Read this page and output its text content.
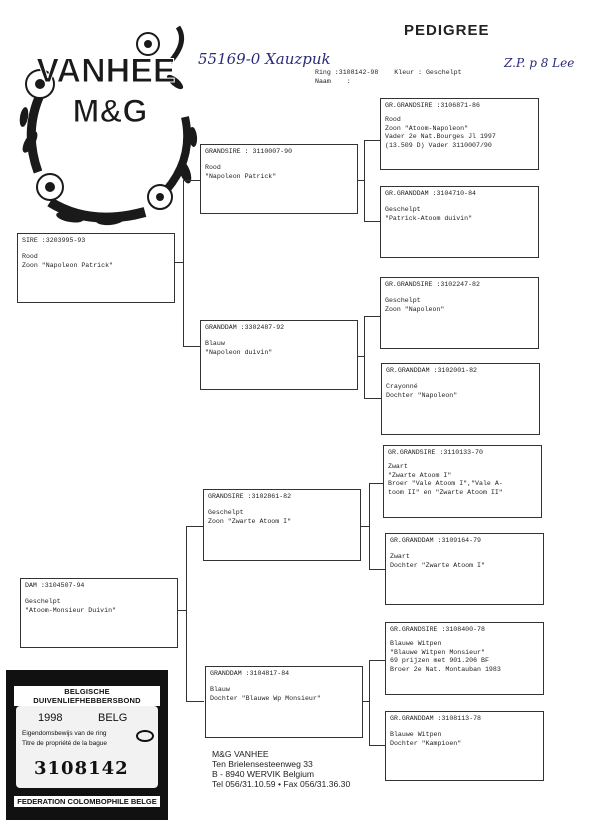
VANHEE
M&G
PEDIGREE
55169-0 Xauzpuk	Z.P. p 8 Lee
Ring :3108142-98 Kleur : Geschelpt
Naam :
SIRE :3203995-93
Rood
Zoon "Napoleon Patrick"
DAM :3104507-94
Geschelpt
"Atoom-Monsieur Duivin"
GRANDSIRE : 3110007-90
Rood
"Napoleon Patrick"
GRANDDAM :3302487-92
Blauw
"Napoleon duivin"
GRANDSIRE :3102861-82
Geschelpt
Zoon "Zwarte Atoom I"
GRANDDAM :3104817-84
Blauw
Dochter "Blauwe Wp Monsieur"
GR.GRANDSIRE :3106871-86
Rood
Zoon "Atoom-Napoleon"
Vader 2e Nat.Bourges Jl 1997
(13.509 D) Vader 3110007/90
GR.GRANDDAM :3104710-84
Geschelpt
"Patrick-Atoom duivin"
GR.GRANDSIRE :3102247-82
Geschelpt
Zoon "Napoleon"
GR.GRANDDAM :3102001-82
Crayonné
Dochter "Napoleon"
GR.GRANDSIRE :3110133-70
Zwart
"Zwarte Atoom I"
Broer "Vale Atoom I","Vale A-
toom II" en "Zwarte Atoom II"
GR.GRANDDAM :3109164-79
Zwart
Dochter "Zwarte Atoom I"
GR.GRANDSIRE :3108400-78
Blauwe Witpen
"Blauwe Witpen Monsieur"
69 prijzen met 901.206 BF
Broer 2e Nat. Montauban 1983
GR.GRANDDAM :3108113-78
Blauwe Witpen
Dochter "Kampioen"
BELGISCHE DUIVENLIEFHEBBERSBOND
1998	BELG
Eigendomsbewijs van de ring
Titre de propriété de la bague
3108142
FEDERATION COLOMBOPHILE BELGE
M&G VANHEE
Ten Brielensesteenweg 33
B - 8940 WERVIK Belgium
Tel 056/31.10.59 • Fax 056/31.36.30
